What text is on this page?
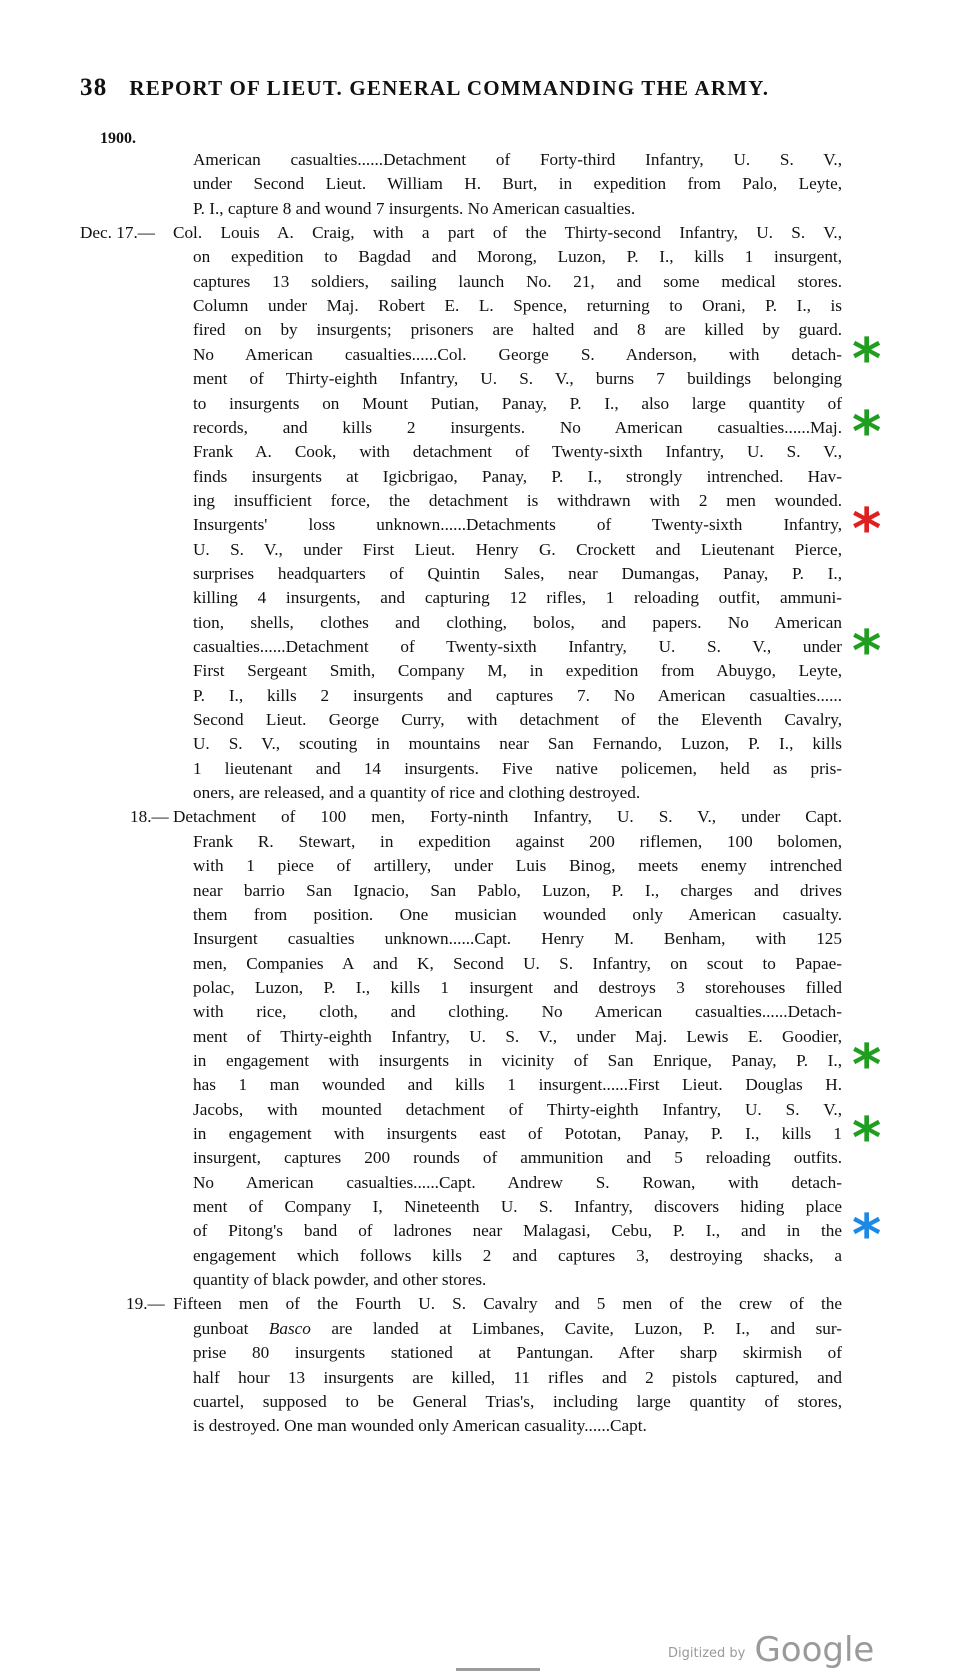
38 REPORT OF LIEUT. GENERAL COMMANDING THE ARMY.
1900.
American casualties......Detachment of Forty-third Infantry, U. S. V.,
under Second Lieut. William H. Burt, in expedition from Palo, Leyte,
P. I., capture 8 and wound 7 insurgents. No American casualties.
Dec. 17.— Col. Louis A. Craig, with a part of the Thirty-second Infantry, U. S. V.,
on expedition to Bagdad and Morong, Luzon, P. I., kills 1 insurgent,
captures 13 soldiers, sailing launch No. 21, and some medical stores.
Column under Maj. Robert E. L. Spence, returning to Orani, P. I., is
fired on by insurgents; prisoners are halted and 8 are killed by guard.
No American casualties......Col. George S. Anderson, with detach-
ment of Thirty-eighth Infantry, U. S. V., burns 7 buildings belonging
to insurgents on Mount Putian, Panay, P. I., also large quantity of
records, and kills 2 insurgents. No American casualties......Maj.
Frank A. Cook, with detachment of Twenty-sixth Infantry, U. S. V.,
finds insurgents at Igicbrigao, Panay, P. I., strongly intrenched. Hav-
ing insufficient force, the detachment is withdrawn with 2 men wounded.
Insurgents' loss unknown......Detachments of Twenty-sixth Infantry,
U. S. V., under First Lieut. Henry G. Crockett and Lieutenant Pierce,
surprises headquarters of Quintin Sales, near Dumangas, Panay, P. I.,
killing 4 insurgents, and capturing 12 rifles, 1 reloading outfit, ammuni-
tion, shells, clothes and clothing, bolos, and papers. No American
casualties......Detachment of Twenty-sixth Infantry, U. S. V., under
First Sergeant Smith, Company M, in expedition from Abuygo, Leyte,
P. I., kills 2 insurgents and captures 7. No American casualties......
Second Lieut. George Curry, with detachment of the Eleventh Cavalry,
U. S. V., scouting in mountains near San Fernando, Luzon, P. I., kills
1 lieutenant and 14 insurgents. Five native policemen, held as pris-
oners, are released, and a quantity of rice and clothing destroyed.
18.— Detachment of 100 men, Forty-ninth Infantry, U. S. V., under Capt.
Frank R. Stewart, in expedition against 200 riflemen, 100 bolomen,
with 1 piece of artillery, under Luis Binog, meets enemy intrenched
near barrio San Ignacio, San Pablo, Luzon, P. I., charges and drives
them from position. One musician wounded only American casualty.
Insurgent casualties unknown......Capt. Henry M. Benham, with 125
men, Companies A and K, Second U. S. Infantry, on scout to Papae-
polac, Luzon, P. I., kills 1 insurgent and destroys 3 storehouses filled
with rice, cloth, and clothing. No American casualties......Detach-
ment of Thirty-eighth Infantry, U. S. V., under Maj. Lewis E. Goodier,
in engagement with insurgents in vicinity of San Enrique, Panay, P. I.,
has 1 man wounded and kills 1 insurgent......First Lieut. Douglas H.
Jacobs, with mounted detachment of Thirty-eighth Infantry, U. S. V.,
in engagement with insurgents east of Pototan, Panay, P. I., kills 1
insurgent, captures 200 rounds of ammunition and 5 reloading outfits.
No American casualties......Capt. Andrew S. Rowan, with detach-
ment of Company I, Nineteenth U. S. Infantry, discovers hiding place
of Pitong's band of ladrones near Malagasi, Cebu, P. I., and in the
engagement which follows kills 2 and captures 3, destroying shacks, a
quantity of black powder, and other stores.
19.— Fifteen men of the Fourth U. S. Cavalry and 5 men of the crew of the
gunboat Basco are landed at Limbanes, Cavite, Luzon, P. I., and sur-
prise 80 insurgents stationed at Pantungan. After sharp skirmish of
half hour 13 insurgents are killed, 11 rifles and 2 pistols captured, and
cuartel, supposed to be General Trias's, including large quantity of stores,
is destroyed. One man wounded only American casuality......Capt.
*
*
*
*
*
*
*
Digitized by Google
